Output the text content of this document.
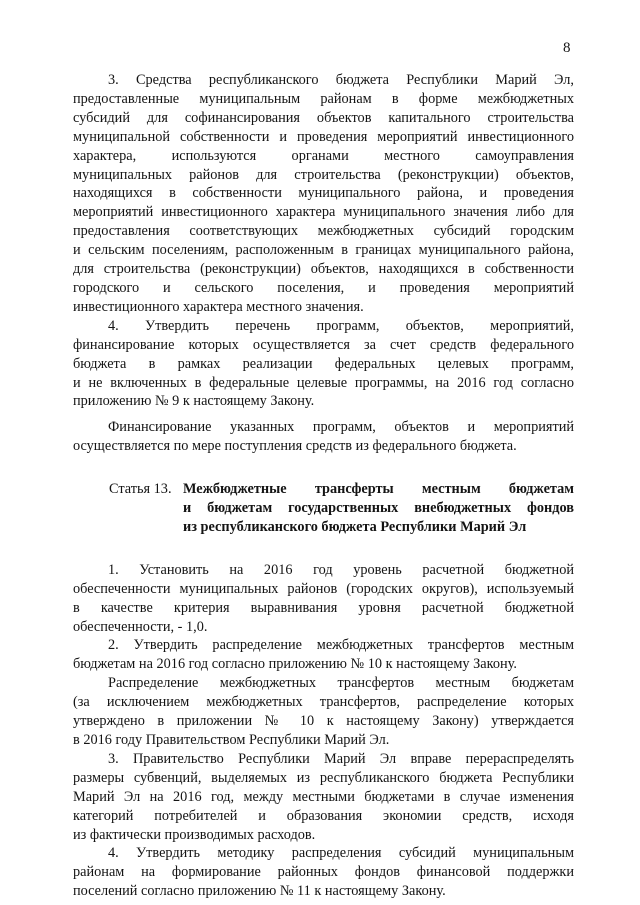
8
3. Средства республиканского бюджета Республики Марий Эл,
предоставленные муниципальным районам в форме межбюджетных
субсидий для софинансирования объектов капитального строительства
муниципальной собственности и проведения мероприятий инвестиционного
характера, используются органами местного самоуправления
муниципальных районов для строительства (реконструкции) объектов,
находящихся в собственности муниципального района, и проведения
мероприятий инвестиционного характера муниципального значения либо для
предоставления соответствующих межбюджетных субсидий городским
и сельским поселениям, расположенным в границах муниципального района,
для строительства (реконструкции) объектов, находящихся в собственности
городского и сельского поселения, и проведения мероприятий
инвестиционного характера местного значения.
4. Утвердить перечень программ, объектов, мероприятий,
финансирование которых осуществляется за счет средств федерального
бюджета в рамках реализации федеральных целевых программ,
и не включенных в федеральные целевые программы, на 2016 год согласно
приложению № 9 к настоящему Закону.
Финансирование указанных программ, объектов и мероприятий
осуществляется по мере поступления средств из федерального бюджета.
Статья 13. Межбюджетные трансферты местным бюджетам
и бюджетам государственных внебюджетных фондов
из республиканского бюджета Республики Марий Эл
1. Установить на 2016 год уровень расчетной бюджетной
обеспеченности муниципальных районов (городских округов), используемый
в качестве критерия выравнивания уровня расчетной бюджетной
обеспеченности, - 1,0.
2. Утвердить распределение межбюджетных трансфертов местным
бюджетам на 2016 год согласно приложению № 10 к настоящему Закону.
Распределение межбюджетных трансфертов местным бюджетам
(за исключением межбюджетных трансфертов, распределение которых
утверждено в приложении № 10 к настоящему Закону) утверждается
в 2016 году Правительством Республики Марий Эл.
3. Правительство Республики Марий Эл вправе перераспределять
размеры субвенций, выделяемых из республиканского бюджета Республики
Марий Эл на 2016 год, между местными бюджетами в случае изменения
категорий потребителей и образования экономии средств, исходя
из фактически производимых расходов.
4. Утвердить методику распределения субсидий муниципальным
районам на формирование районных фондов финансовой поддержки
поселений согласно приложению № 11 к настоящему Закону.
